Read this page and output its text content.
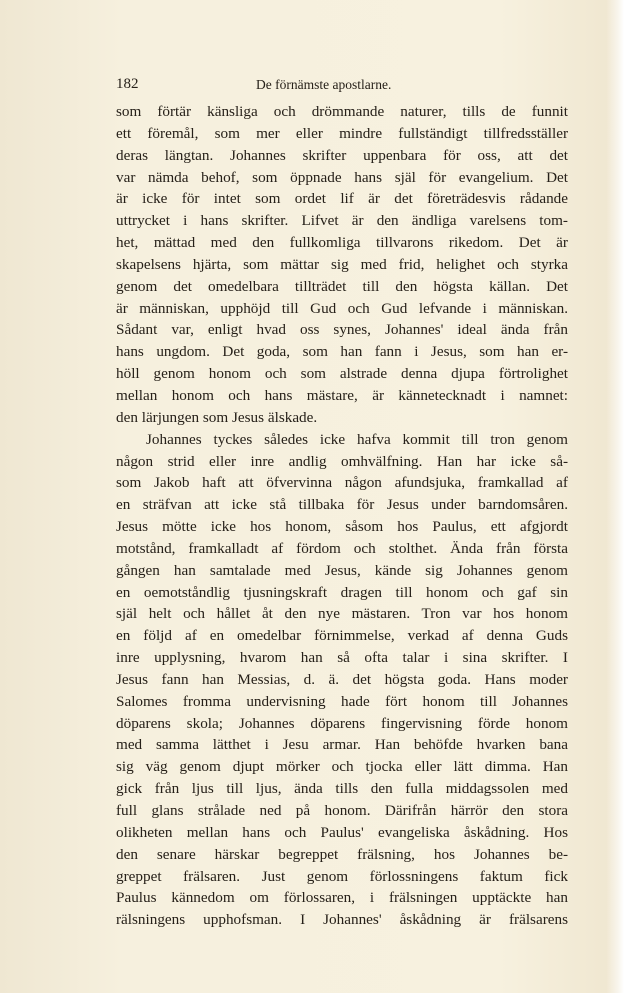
182	De förnämste apostlarne.
som förtär känsliga och drömmande naturer, tills de funnit
ett föremål, som mer eller mindre fullständigt tillfredsställer
deras längtan. Johannes skrifter uppenbara för oss, att det
var nämda behof, som öppnade hans själ för evangelium. Det
är icke för intet som ordet lif är det företrädesvis rådande
uttrycket i hans skrifter. Lifvet är den ändliga varelsens tom-
het, mättad med den fullkomliga tillvarons rikedom. Det är
skapelsens hjärta, som mättar sig med frid, helighet och styrka
genom det omedelbara tillträdet till den högsta källan. Det
är människan, upphöjd till Gud och Gud lefvande i människan.
Sådant var, enligt hvad oss synes, Johannes' ideal ända från
hans ungdom. Det goda, som han fann i Jesus, som han er-
höll genom honom och som alstrade denna djupa förtrolighet
mellan honom och hans mästare, är kännetecknadt i namnet:
den lärjungen som Jesus älskade.
Johannes tyckes således icke hafva kommit till tron genom
någon strid eller inre andlig omhvälfning. Han har icke så-
som Jakob haft att öfvervinna någon afundsjuka, framkallad af
en sträfvan att icke stå tillbaka för Jesus under barndomsåren.
Jesus mötte icke hos honom, såsom hos Paulus, ett afgjordt
motstånd, framkalladt af fördom och stolthet. Ända från första
gången han samtalade med Jesus, kände sig Johannes genom
en oemotståndlig tjusningskraft dragen till honom och gaf sin
själ helt och hållet åt den nye mästaren. Tron var hos honom
en följd af en omedelbar förnimmelse, verkad af denna Guds
inre upplysning, hvarom han så ofta talar i sina skrifter. I
Jesus fann han Messias, d. ä. det högsta goda. Hans moder
Salomes fromma undervisning hade fört honom till Johannes
döparens skola; Johannes döparens fingervisning förde honom
med samma lätthet i Jesu armar. Han behöfde hvarken bana
sig väg genom djupt mörker och tjocka eller lätt dimma. Han
gick från ljus till ljus, ända tills den fulla middagssolen med
full glans strålade ned på honom. Därifrån härrör den stora
olikheten mellan hans och Paulus' evangeliska åskådning. Hos
den senare härskar begreppet frälsning, hos Johannes be-
greppet frälsaren. Just genom förlossningens faktum fick
Paulus kännedom om förlossaren, i frälsningen upptäckte han
rälsningens upphofsman. I Johannes' åskådning är frälsarens
